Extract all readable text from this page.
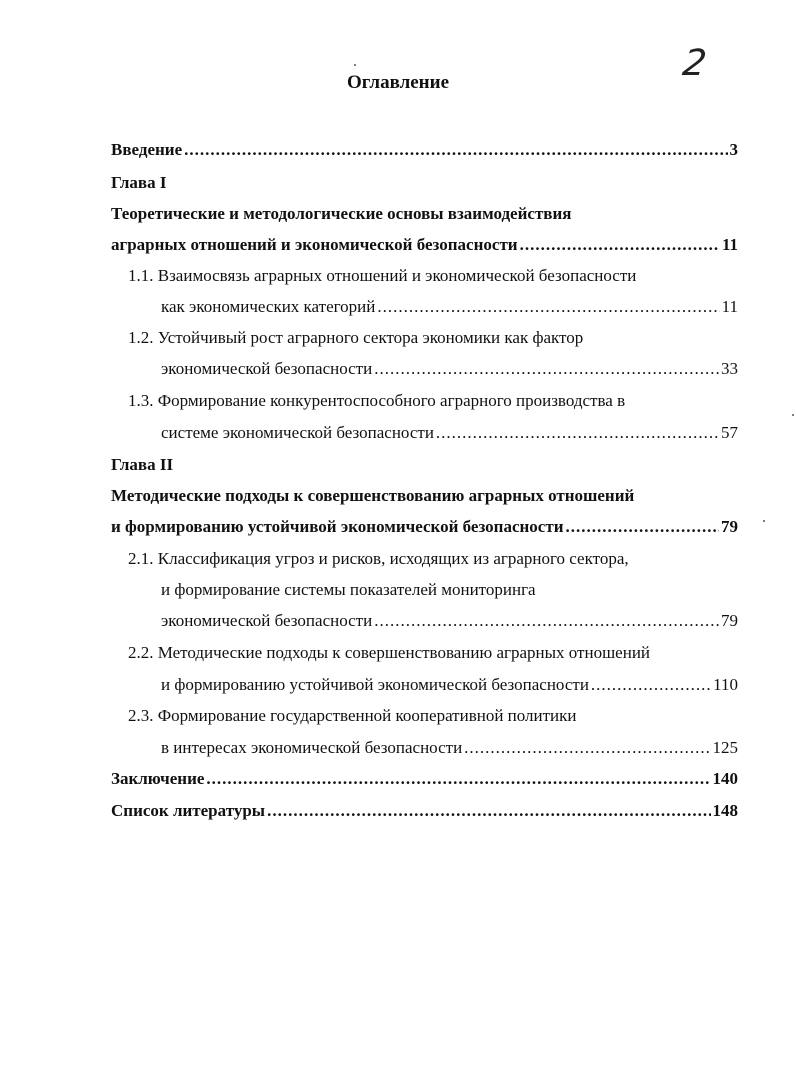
2
Оглавление
Введение .....	3
Глава I
Теоретические и методологические основы взаимодействия
аграрных отношений и экономической безопасности .....	11
1.1. Взаимосвязь аграрных отношений и экономической безопасности
как экономических категорий .....	11
1.2. Устойчивый рост аграрного сектора экономики как фактор
экономической безопасности .....	33
1.3. Формирование конкурентоспособного аграрного производства в
системе экономической безопасности .....	57
Глава II
Методические подходы к совершенствованию аграрных отношений
и формированию устойчивой экономической безопасности .....	79
2.1. Классификация угроз и рисков, исходящих из аграрного сектора,
и формирование системы показателей мониторинга
экономической безопасности .....	79
2.2. Методические подходы к совершенствованию аграрных отношений
и формированию устойчивой экономической безопасности .....	110
2.3. Формирование государственной кооперативной политики
в интересах экономической безопасности .....	125
Заключение .....	140
Список литературы .....	148
